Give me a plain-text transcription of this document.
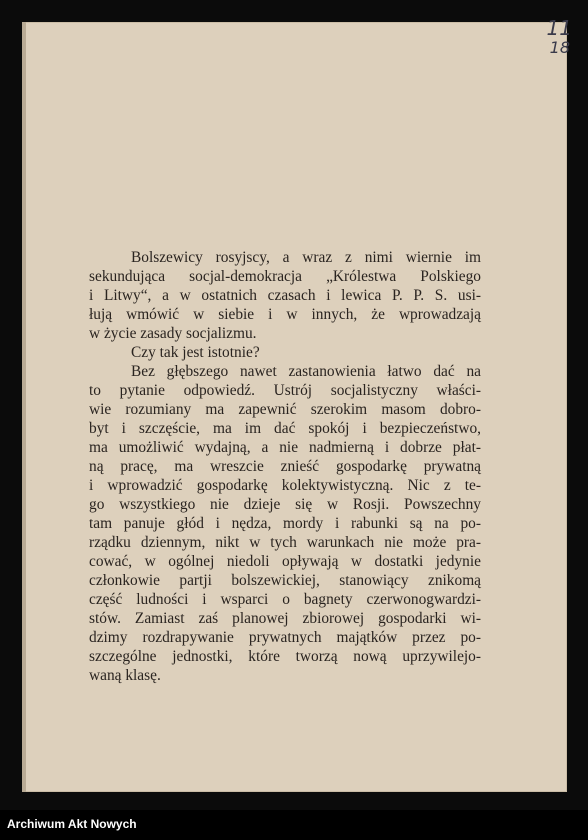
11
18
Bolszewicy rosyjscy, a wraz z nimi wiernie im
sekundująca socjal-demokracja „Królestwa Polskiego
i Litwy“, a w ostatnich czasach i lewica P. P. S. usi-
łują wmówić w siebie i w innych, że wprowadzają
w życie zasady socjalizmu.
Czy tak jest istotnie?
Bez głębszego nawet zastanowienia łatwo dać na
to pytanie odpowiedź. Ustrój socjalistyczny właści-
wie rozumiany ma zapewnić szerokim masom dobro-
byt i szczęście, ma im dać spokój i bezpieczeństwo,
ma umożliwić wydajną, a nie nadmierną i dobrze płat-
ną pracę, ma wreszcie znieść gospodarkę prywatną
i wprowadzić gospodarkę kolektywistyczną. Nic z te-
go wszystkiego nie dzieje się w Rosji. Powszechny
tam panuje głód i nędza, mordy i rabunki są na po-
rządku dziennym, nikt w tych warunkach nie może pra-
cować, w ogólnej niedoli opływają w dostatki jedynie
członkowie partji bolszewickiej, stanowiący znikomą
część ludności i wsparci o bagnety czerwonogwardzi-
stów. Zamiast zaś planowej zbiorowej gospodarki wi-
dzimy rozdrapywanie prywatnych majątków przez po-
szczególne jednostki, które tworzą nową uprzywilejo-
waną klasę.
Archiwum Akt Nowych
